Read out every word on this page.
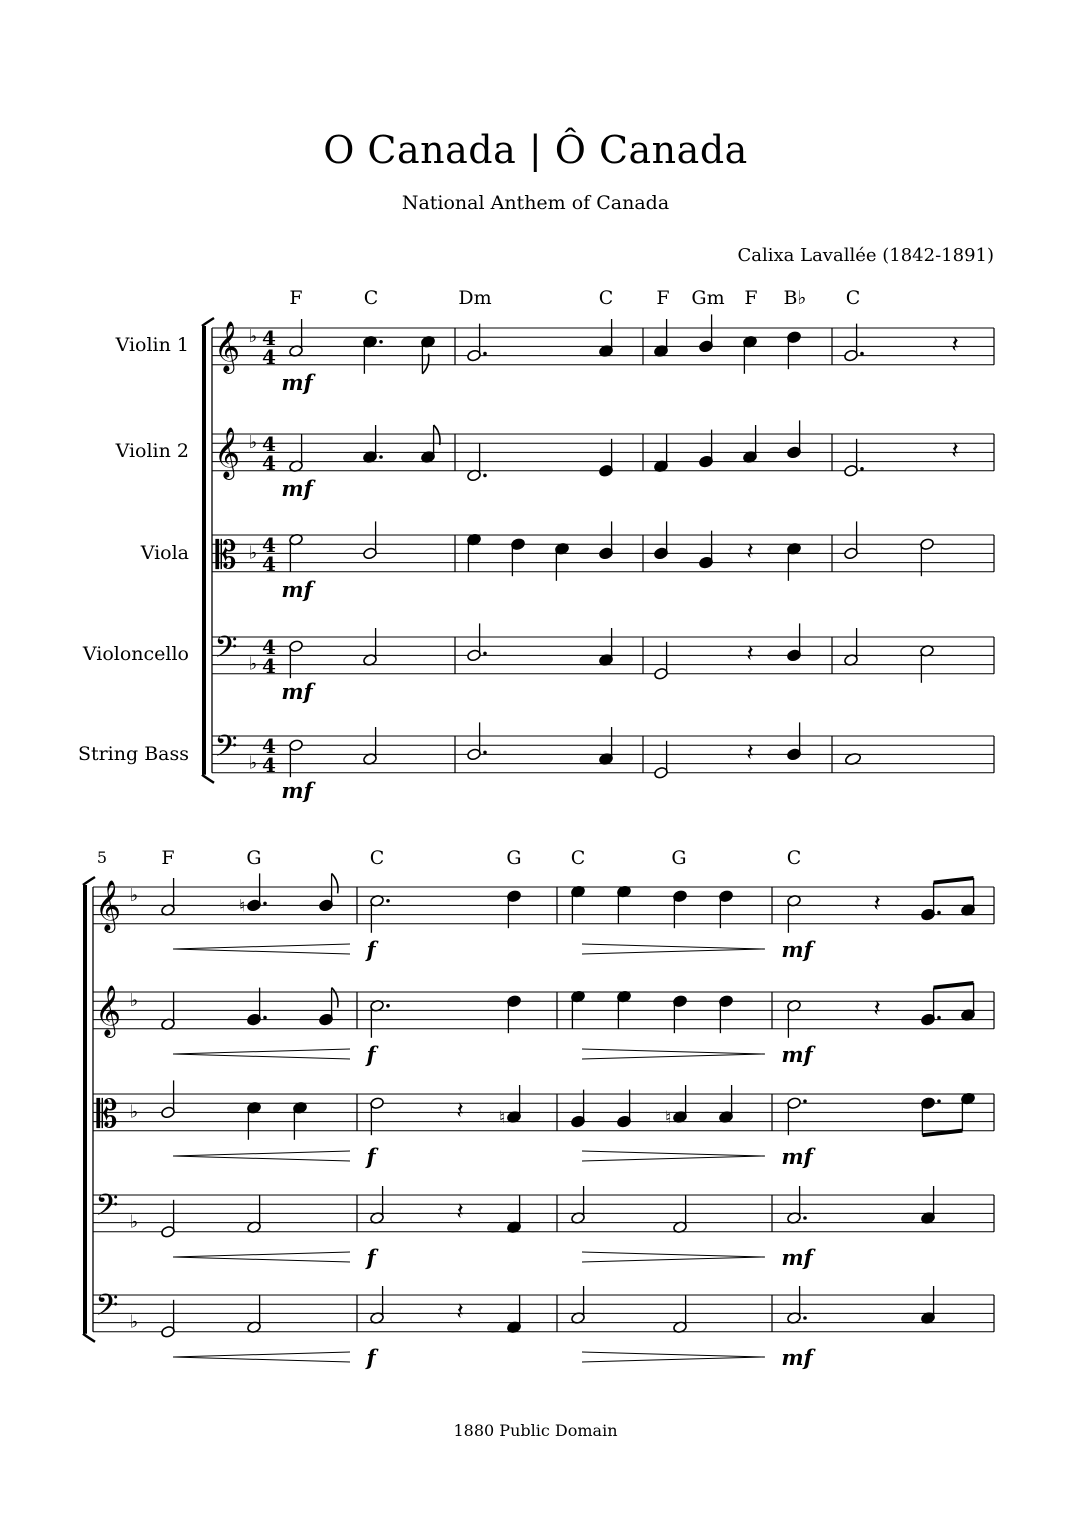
O Canada | Ô Canada
National Anthem of Canada
Calixa Lavallée (1842-1891)
Violin 1
Violin 2
Viola
Violoncello
String Bass
𝄞 ♭ 4
4
𝄞 ♭ 4
4
𝄡 ♭ 4
4
𝄢 ♭
4
4
𝄢 ♭
4
4
𝄞 ♭
𝄞 ♭
𝄡 ♭
𝄢 ♭
𝄢 ♭
F	C	Dm	C F Gm F B♭ C
F	G	C	G	C	G	C
5
𝄽
𝄽
𝄽
𝄽
𝄽
mf
mf
mf
mf
mf
♮	𝄽
𝄽
𝄽 ♮	♮
𝄽
𝄽
f	mf
f	mf
f	mf
f	mf
f	mf
1880 Public Domain
